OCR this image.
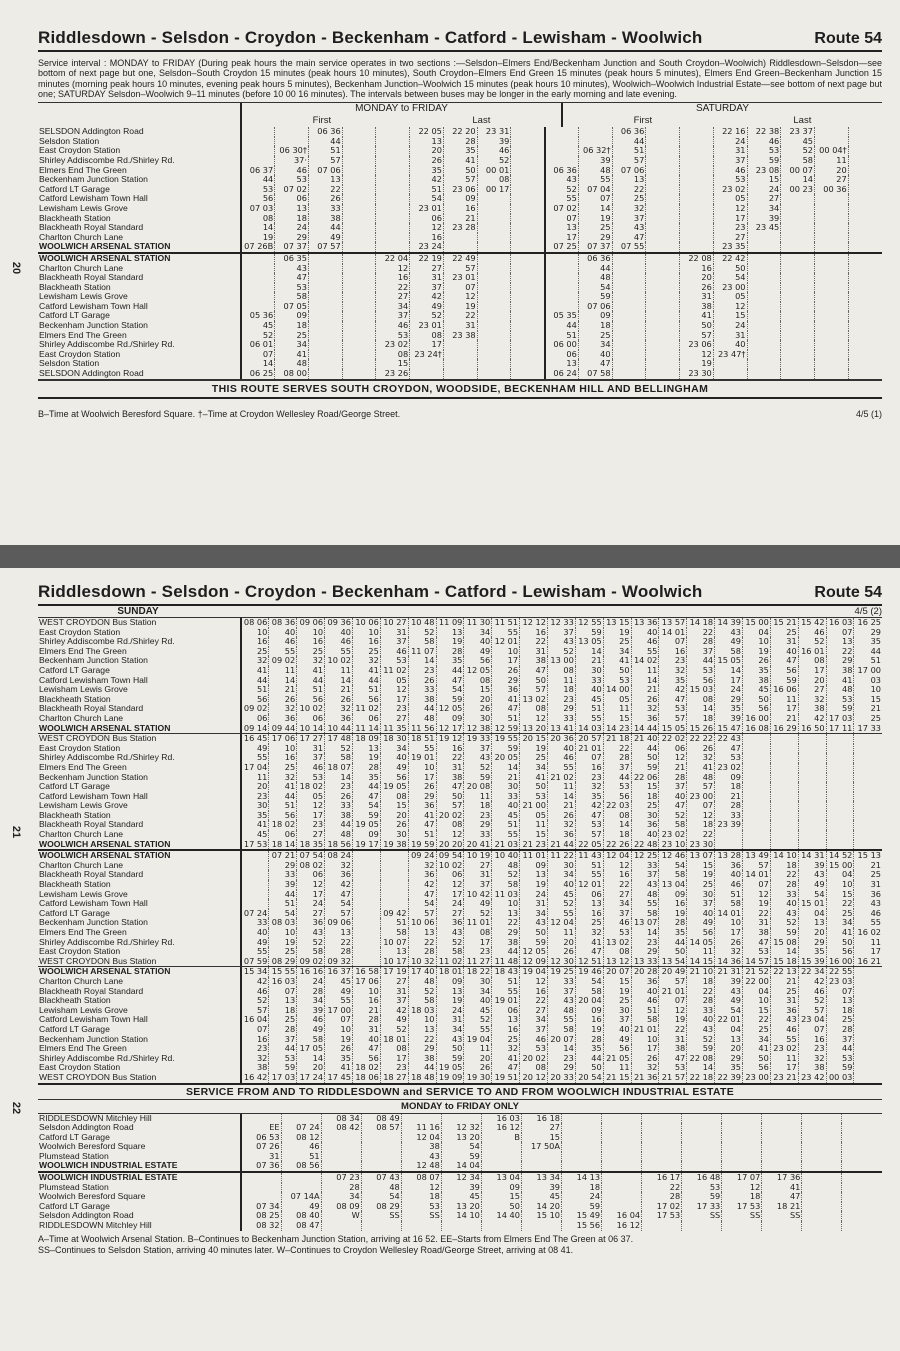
20
Riddlesdown - Selsdon - Croydon - Beckenham - Catford - Lewisham - Woolwich	Route 54
Service interval : MONDAY to FRIDAY (During peak hours the main service operates in two sections :—Selsdon–Elmers End/Beckenham Junction and South Croydon–Woolwich) Riddlesdown–Selsdon—see bottom of next page but one, Selsdon–South Croydon 15 minutes (peak hours 10 minutes), South Croydon–Elmers End Green 15 minutes (peak hours 5 minutes), Elmers End Green–Beckenham Junction 15 minutes (morning peak hours 10 minutes, evening peak hours 5 minutes), Beckenham Junction–Woolwich 15 minutes (peak hours 10 minutes), Woolwich–Woolwich Industrial Estate—see bottom of next page but one; SATURDAY Selsdon–Woolwich 9–11 minutes (before 10 00 16 minutes). The intervals between buses may be longer in the early morning and late evening.
MONDAY to FRIDAY	SATURDAY
First	Last	First	Last
SELSDON Addington Road			06 36			22 05	22 20	23 31				06 36			22 16	22 38	23 37		
Selsdon Station			44			13	28	39				44			24	46	45		
East Croydon Station		06 30†	51			20	35	46			06 32†	51			31	53	52	00 04†	
Shirley Addiscombe Rd./Shirley Rd.		37·	57			26	41	52			39	57			37	59	58	11	
Elmers End The Green	06 37	46	07 06			35	50	00 01		06 36	48	07 06			46	23 08	00 07	20	
Beckenham Junction Station	44	53	13			42	57	08		43	55	13			53	15	14	27	
Catford LT Garage	53	07 02	22			51	23 06	00 17		52	07 04	22			23 02	24	00 23	00 36	
Catford Lewisham Town Hall	56	06	26			54	09			55	07	25			05	27			
Lewisham Lewis Grove	07 03	13	33			23 01	16			07 02	14	32			12	34			
Blackheath Station	08	18	38			06	21			07	19	37			17	39			
Blackheath Royal Standard	14	24	44			12	23 28			13	25	43			23	23 45			
Charlton Church Lane	19	29	49			16				17	29	47			27				
WOOLWICH ARSENAL STATION	07 26B	07 37	07 57			23 24				07 25	07 37	07 55			23 35				
WOOLWICH ARSENAL STATION		06 35			22 04	22 19	22 49				06 36			22 08	22 42				
Charlton Church Lane		43			12	27	57				44			16	50				
Blackheath Royal Standard		47			16	31	23 01				48			20	54				
Blackheath Station		53			22	37	07				54			26	23 00				
Lewisham Lewis Grove		58			27	42	12				59			31	05				
Catford Lewisham Town Hall		07 05			34	49	19				07 06			38	12				
Catford LT Garage	05 36	09			37	52	22			05 35	09			41	15				
Beckenham Junction Station	45	18			46	23 01	31			44	18			50	24				
Elmers End The Green	52	25			53	08	23 38			51	25			57	31				
Shirley Addiscombe Rd./Shirley Rd.	06 01	34			23 02	17				06 00	34			23 06	40				
East Croydon Station	07	41			08	23 24†				06	40			12	23 47†				
Selsdon Station	14	48			15					13	47			19					
SELSDON Addington Road	06 25	08 00			23 26					06 24	07 58			23 30					
THIS ROUTE SERVES SOUTH CROYDON, WOODSIDE, BECKENHAM HILL AND BELLINGHAM
B–Time at Woolwich Beresford Square. †–Time at Croydon Wellesley Road/George Street.	4/5 (1)
21
22
Riddlesdown - Selsdon - Croydon - Beckenham - Catford - Lewisham - Woolwich	Route 54
SUNDAY	4/5 (2)
WEST CROYDON Bus Station	08 06	08 36	09 06	09 36	10 06	10 27	10 48	11 09	11 30	11 51	12 12	12 33	12 55	13 15	13 36	13 57	14 18	14 39	15 00	15 21	15 42	16 03	16 25
East Croydon Station	10	40	10	40	10	31	52	13	34	55	16	37	59	19	40	14 01	22	43	04	25	46	07	29
Shirley Addiscombe Rd./Shirley Rd.	16	46	16	46	16	37	58	19	40	12 01	22	43	13 05	25	46	07	28	49	10	31	52	13	35
Elmers End The Green	25	55	25	55	25	46	11 07	28	49	10	31	52	14	34	55	16	37	58	19	40	16 01	22	44
Beckenham Junction Station	32	09 02	32	10 02	32	53	14	35	56	17	38	13 00	21	41	14 02	23	44	15 05	26	47	08	29	51
Catford LT Garage	41	11	41	11	41	11 02	23	44	12 05	26	47	08	30	50	11	32	53	14	35	56	17	38	17 00
Catford Lewisham Town Hall	44	14	44	14	44	05	26	47	08	29	50	11	33	53	14	35	56	17	38	59	20	41	03
Lewisham Lewis Grove	51	21	51	21	51	12	33	54	15	36	57	18	40	14 00	21	42	15 03	24	45	16 06	27	48	10
Blackheath Station	56	26	56	26	56	17	38	59	20	41	13 02	23	45	05	26	47	08	29	50	11	32	53	15
Blackheath Royal Standard	09 02	32	10 02	32	11 02	23	44	12 05	26	47	08	29	51	11	32	53	14	35	56	17	38	59	21
Charlton Church Lane	06	36	06	36	06	27	48	09	30	51	12	33	55	15	36	57	18	39	16 00	21	42	17 03	25
WOOLWICH ARSENAL STATION	09 14	09 44	10 14	10 44	11 14	11 35	11 56	12 17	12 38	12 59	13 20	13 41	14 03	14 23	14 44	15 05	15 26	15 47	16 08	16 29	16 50	17 11	17 33
WEST CROYDON Bus Station	16 45	17 06	17 27	17 48	18 09	18 30	18 51	19 12	19 33	19 55	20 15	20 36	20 57	21 18	21 40	22 02	22 22	22 43					
East Croydon Station	49	10	31	52	13	34	55	16	37	59	19	40	21 01	22	44	06	26	47					
Shirley Addiscombe Rd./Shirley Rd.	55	16	37	58	19	40	19 01	22	43	20 05	25	46	07	28	50	12	32	53					
Elmers End The Green	17 04	25	46	18 07	28	49	10	31	52	14	34	55	16	37	59	21	41	23 02					
Beckenham Junction Station	11	32	53	14	35	56	17	38	59	21	41	21 02	23	44	22 06	28	48	09					
Catford LT Garage	20	41	18 02	23	44	19 05	26	47	20 08	30	50	11	32	53	15	37	57	18					
Catford Lewisham Town Hall	23	44	05	26	47	08	29	50	11	33	53	14	35	56	18	40	23 00	21					
Lewisham Lewis Grove	30	51	12	33	54	15	36	57	18	40	21 00	21	42	22 03	25	47	07	28					
Blackheath Station	35	56	17	38	59	20	41	20 02	23	45	05	26	47	08	30	52	12	33					
Blackheath Royal Standard	41	18 02	23	44	19 05	26	47	08	29	51	11	32	53	14	36	58	18	23 39					
Charlton Church Lane	45	06	27	48	09	30	51	12	33	55	15	36	57	18	40	23 02	22						
WOOLWICH ARSENAL STATION	17 53	18 14	18 35	18 56	19 17	19 38	19 59	20 20	20 41	21 03	21 23	21 44	22 05	22 26	22 48	23 10	23 30						
WOOLWICH ARSENAL STATION		07 21	07 54	08 24			09 24	09 54	10 19	10 40	11 01	11 22	11 43	12 04	12 25	12 46	13 07	13 28	13 49	14 10	14 31	14 52	15 13
Charlton Church Lane		29	08 02	32			32	10 02	27	48	09	30	51	12	33	54	15	36	57	18	39	15 00	21
Blackheath Royal Standard		33	06	36			36	06	31	52	13	34	55	16	37	58	19	40	14 01	22	43	04	25
Blackheath Station		39	12	42			42	12	37	58	19	40	12 01	22	43	13 04	25	46	07	28	49	10	31
Lewisham Lewis Grove		44	17	47			47	17	10 42	11 03	24	45	06	27	48	09	30	51	12	33	54	15	36
Catford Lewisham Town Hall		51	24	54			54	24	49	10	31	52	13	34	55	16	37	58	19	40	15 01	22	43
Catford LT Garage	07 24	54	27	57		09 42	57	27	52	13	34	55	16	37	58	19	40	14 01	22	43	04	25	46
Beckenham Junction Station	33	08 03	36	09 06		51	10 06	36	11 01	22	43	12 04	25	46	13 07	28	49	10	31	52	13	34	55
Elmers End The Green	40	10	43	13		58	13	43	08	29	50	11	32	53	14	35	56	17	38	59	20	41	16 02
Shirley Addiscombe Rd./Shirley Rd.	49	19	52	22		10 07	22	52	17	38	59	20	41	13 02	23	44	14 05	26	47	15 08	29	50	11
East Croydon Station	55	25	58	28		13	28	58	23	44	12 05	26	47	08	29	50	11	32	53	14	35	56	17
WEST CROYDON Bus Station	07 59	08 29	09 02	09 32		10 17	10 32	11 02	11 27	11 48	12 09	12 30	12 51	13 12	13 33	13 54	14 15	14 36	14 57	15 18	15 39	16 00	16 21
WOOLWICH ARSENAL STATION	15 34	15 55	16 16	16 37	16 58	17 19	17 40	18 01	18 22	18 43	19 04	19 25	19 46	20 07	20 28	20 49	21 10	21 31	21 52	22 13	22 34	22 55	
Charlton Church Lane	42	16 03	24	45	17 06	27	48	09	30	51	12	33	54	15	36	57	18	39	22 00	21	42	23 03	
Blackheath Royal Standard	46	07	28	49	10	31	52	13	34	55	16	37	58	19	40	21 01	22	43	04	25	46	07	
Blackheath Station	52	13	34	55	16	37	58	19	40	19 01	22	43	20 04	25	46	07	28	49	10	31	52	13	
Lewisham Lewis Grove	57	18	39	17 00	21	42	18 03	24	45	06	27	48	09	30	51	12	33	54	15	36	57	18	
Catford Lewisham Town Hall	16 04	25	46	07	28	49	10	31	52	13	34	55	16	37	58	19	40	22 01	22	43	23 04	25	
Catford LT Garage	07	28	49	10	31	52	13	34	55	16	37	58	19	40	21 01	22	43	04	25	46	07	28	
Beckenham Junction Station	16	37	58	19	40	18 01	22	43	19 04	25	46	20 07	28	49	10	31	52	13	34	55	16	37	
Elmers End The Green	23	44	17 05	26	47	08	29	50	11	32	53	14	35	56	17	38	59	20	41	23 02	23	44	
Shirley Addiscombe Rd./Shirley Rd.	32	53	14	35	56	17	38	59	20	41	20 02	23	44	21 05	26	47	22 08	29	50	11	32	53	
East Croydon Station	38	59	20	41	18 02	23	44	19 05	26	47	08	29	50	11	32	53	14	35	56	17	38	59	
WEST CROYDON Bus Station	16 42	17 03	17 24	17 45	18 06	18 27	18 48	19 09	19 30	19 51	20 12	20 33	20 54	21 15	21 36	21 57	22 18	22 39	23 00	23 21	23 42	00 03	
SERVICE FROM AND TO RIDDLESDOWN and SERVICE TO AND FROM WOOLWICH INDUSTRIAL ESTATE
MONDAY to FRIDAY ONLY
RIDDLESDOWN Mitchley Hill			08 34	08 49			16 03	16 18								
Selsdon Addington Road	EE	07 24	08 42	08 57	11 16	12 32	16 12	27								
Catford LT Garage	06 53	08 12			12 04	13 20	B	15								
Woolwich Beresford Square	07 26	46			38	54		17 50A								
Plumstead Station	31	51			43	59										
WOOLWICH INDUSTRIAL ESTATE	07 36	08 56			12 48	14 04										
WOOLWICH INDUSTRIAL ESTATE			07 23	07 43	08 07	12 34	13 04	13 34	14 13		16 17	16 48	17 07	17 36		
Plumstead Station			28	48	12	39	09	39	18		22	53	12	41		
Woolwich Beresford Square		07 14A	34	54	18	45	15	45	24		28	59	18	47		
Catford LT Garage	07 34	49	08 09	08 29	53	13 20	50	14 20	59		17 02	17 33	17 53	18 21		
Selsdon Addington Road	08 25	08 40	W	SS	SS	14 10	14 40	15 10	15 49	16 04	17 53	SS	SS	SS		
RIDDLESDOWN Mitchley Hill	08 32	08 47							15 56	16 12						
A–Time at Woolwich Arsenal Station. B–Continues to Beckenham Junction Station, arriving at 16 52. EE–Starts from Elmers End The Green at 06 37.
SS–Continues to Selsdon Station, arriving 40 minutes later. W–Continues to Croydon Wellesley Road/George Street, arriving at 08 41.
